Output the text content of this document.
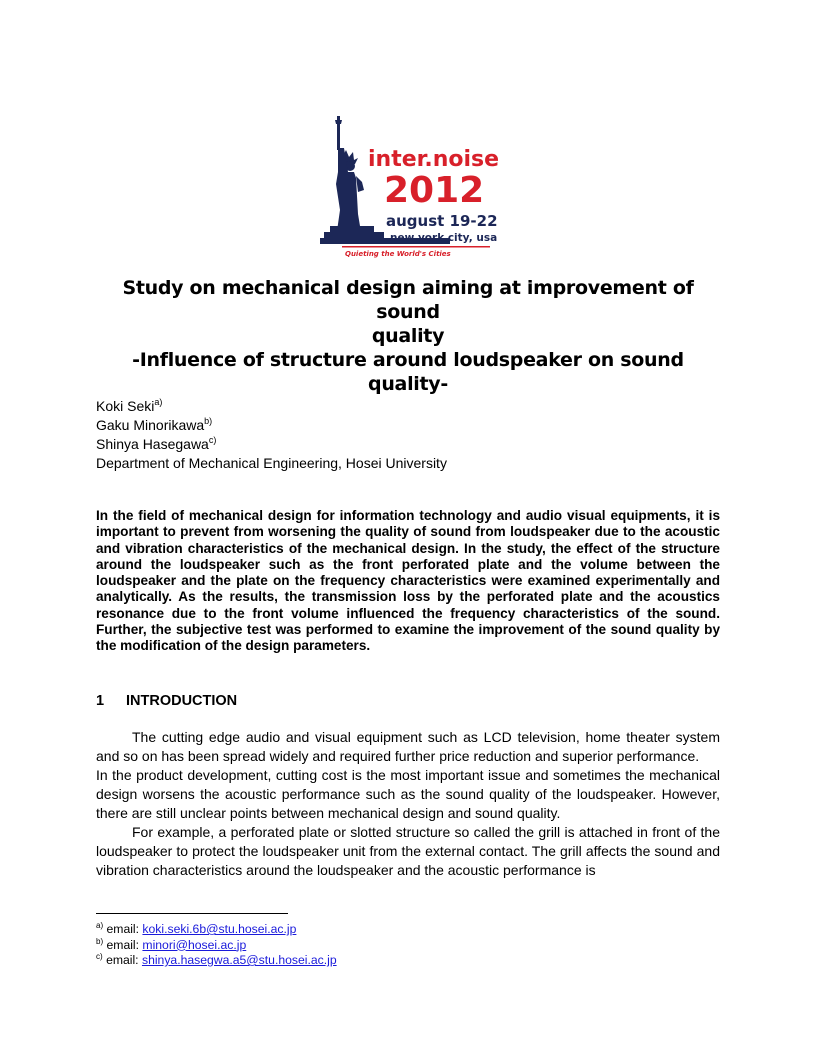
inter.noise
2012
august 19-22
new york city, usa
Quieting the World's Cities
Study on mechanical design aiming at improvement of sound
quality
-Influence of structure around loudspeaker on sound quality-
Koki Seki$^{a)}$
Gaku Minorikawa$^{b)}$
Shinya Hasegawa$^{c)}$
Department of Mechanical Engineering, Hosei University
In the field of mechanical design for information technology and audio visual equipments, it is important to prevent from worsening the quality of sound from loudspeaker due to the acoustic and vibration characteristics of the mechanical design. In the study, the effect of the structure around the loudspeaker such as the front perforated plate and the volume between the loudspeaker and the plate on the frequency characteristics were examined experimentally and analytically. As the results, the transmission loss by the perforated plate and the acoustics resonance due to the front volume influenced the frequency characteristics of the sound. Further, the subjective test was performed to examine the improvement of the sound quality by the modification of the design parameters.
1 INTRODUCTION

The cutting edge audio and visual equipment such as LCD television, home theater system and so on has been spread widely and required further price reduction and superior performance.

In the product development, cutting cost is the most important issue and sometimes the mechanical design worsens the acoustic performance such as the sound quality of the loudspeaker. However, there are still unclear points between mechanical design and sound quality.

For example, a perforated plate or slotted structure so called the grill is attached in front of the loudspeaker to protect the loudspeaker unit from the external contact. The grill affects the sound and vibration characteristics around the loudspeaker and the acoustic performance is

$^{a)}$ email: koki.seki.6b@stu.hosei.ac.jp
$^{b)}$ email: minori@hosei.ac.jp
$^{c)}$ email: shinya.hasegwa.a5@stu.hosei.ac.jp
